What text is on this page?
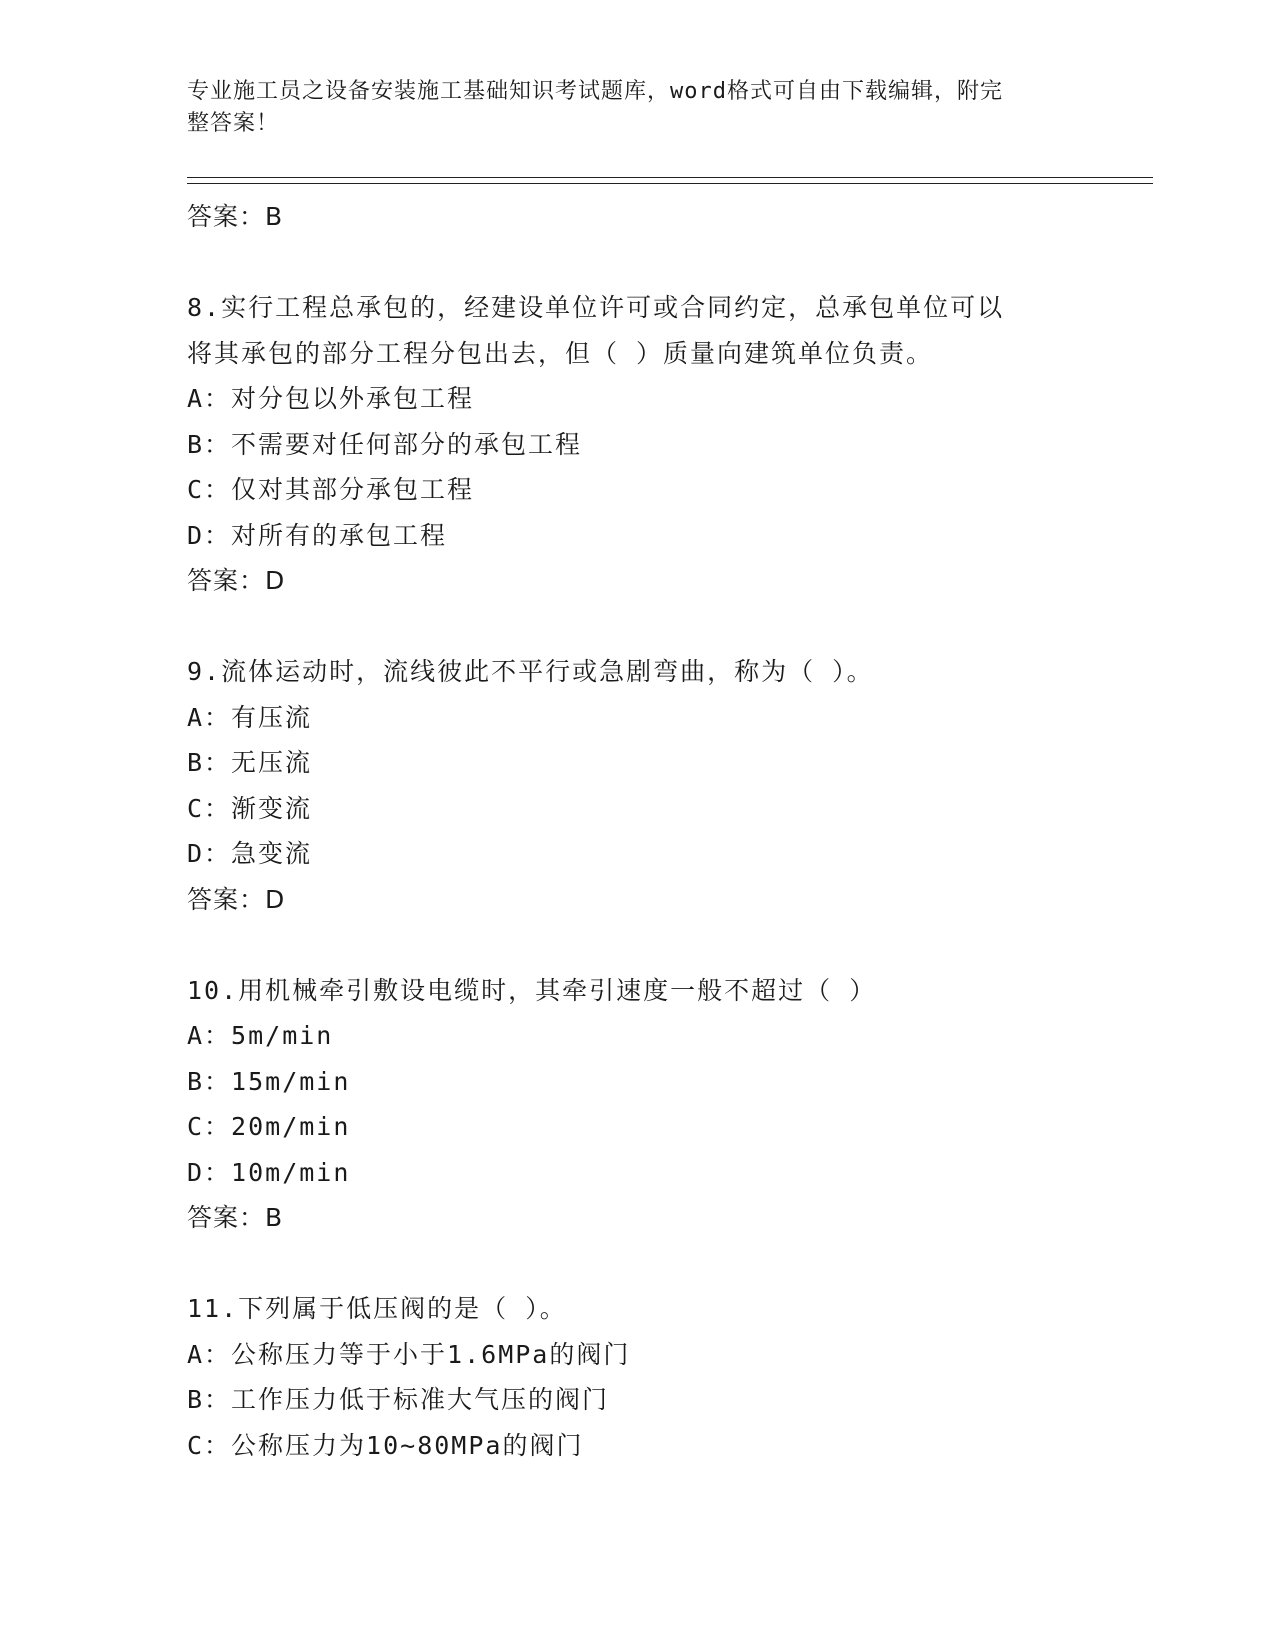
专业施工员之设备安装施工基础知识考试题库，word格式可自由下载编辑，附完
整答案！
答案：B
8.实行工程总承包的，经建设单位许可或合同约定，总承包单位可以
将其承包的部分工程分包出去，但（ ）质量向建筑单位负责。
A：对分包以外承包工程
B：不需要对任何部分的承包工程
C：仅对其部分承包工程
D：对所有的承包工程
答案：D
9.流体运动时，流线彼此不平行或急剧弯曲，称为（ ）。
A：有压流
B：无压流
C：渐变流
D：急变流
答案：D
10.用机械牵引敷设电缆时，其牵引速度一般不超过（ ）
A：5m/min
B：15m/min
C：20m/min
D：10m/min
答案：B
11.下列属于低压阀的是（ ）。
A：公称压力等于小于1.6MPa的阀门
B：工作压力低于标准大气压的阀门
C：公称压力为10~80MPa的阀门
